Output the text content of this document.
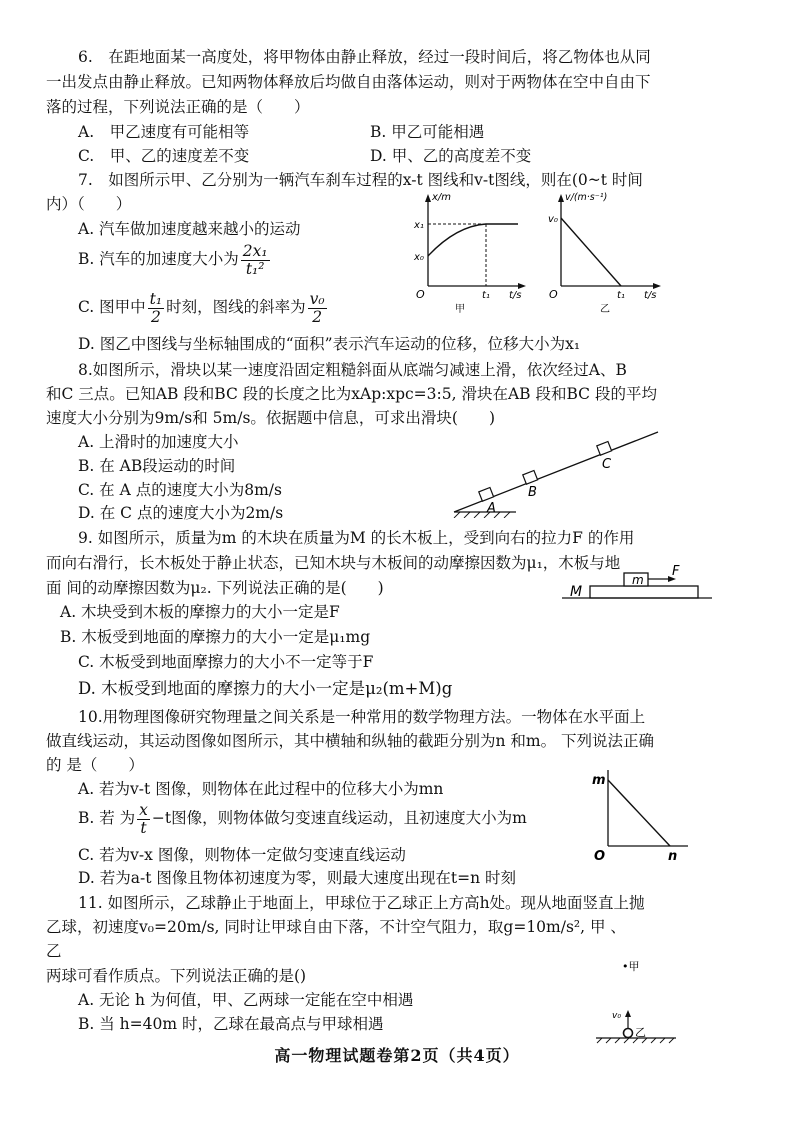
6.　在距地面某一高度处，将甲物体由静止释放，经过一段时间后，将乙物体也从同
一出发点由静止释放。已知两物体释放后均做自由落体运动，则对于两物体在空中自由下
落的过程，下列说法正确的是（　　）
A.　甲乙速度有可能相等	B. 甲乙可能相遇
C.　甲、乙的速度差不变	D. 甲、乙的高度差不变
7.　如图所示甲、乙分别为一辆汽车刹车过程的x-t 图线和v-t图线，则在(0~t 时间
内）（　　）
A. 汽车做加速度越来越小的运动
B. 汽车的加速度大小为 $\frac{\text{2x₁}}{\text{t₁²}}$
C. 图甲中 $\frac{\text{t₁}}{2}$ 时刻，图线的斜率为 $\frac{\text{v₀}}{2}$
D. 图乙中图线与坐标轴围成的“面积”表示汽车运动的位移，位移大小为x₁
x/m
x₁
x₀
O	t₁ t/s
甲
v/(m·s⁻¹)
v₀
O	t₁ t/s
乙
8.如图所示，滑块以某一速度沿固定粗糙斜面从底端匀减速上滑，依次经过A、B
和C 三点。已知AB 段和BC 段的长度之比为xAp:xpc=3:5, 滑块在AB 段和BC 段的平均
速度大小分别为9m/s和 5m/s。依据题中信息，可求出滑块(　　)
A. 上滑时的加速度大小
B. 在 AB段运动的时间
C. 在 A 点的速度大小为8m/s
D. 在 C 点的速度大小为2m/s	A
B
C
9. 如图所示，质量为m 的木块在质量为M 的长木板上，受到向右的拉力F 的作用
而向右滑行，长木板处于静止状态，已知木块与木板间的动摩擦因数为μ₁，木板与地
面 间的动摩擦因数为μ₂. 下列说法正确的是(　　)
A. 木块受到木板的摩擦力的大小一定是F
B. 木板受到地面的摩擦力的大小一定是μ₁mg
C. 木板受到地面摩擦力的大小不一定等于F
D. 木板受到地面的摩擦力的大小一定是μ₂(m+M)g
M
m
F
10.用物理图像研究物理量之间关系是一种常用的数学物理方法。一物体在水平面上
做直线运动，其运动图像如图所示，其中横轴和纵轴的截距分别为n 和m。 下列说法正确
的 是（　　）
A. 若为v-t 图像，则物体在此过程中的位移大小为mn
B. 若 为 $\frac{x}{t} -t$图像，则物体做匀变速直线运动，且初速度大小为m
C. 若为v-x 图像，则物体一定做匀变速直线运动
D. 若为a-t 图像且物体初速度为零，则最大速度出现在t=n 时刻
m
O	n
11. 如图所示，乙球静止于地面上，甲球位于乙球正上方高h处。现从地面竖直上抛
乙球，初速度v₀=20m/s, 同时让甲球自由下落，不计空气阻力，取g=10m/s², 甲 、
乙
两球可看作质点。下列说法正确的是()
A. 无论 h 为何值，甲、乙两球一定能在空中相遇
B. 当 h=40m 时，乙球在最高点与甲球相遇
•甲
v₀
乙
高一物理试题卷第2页（共4页）
